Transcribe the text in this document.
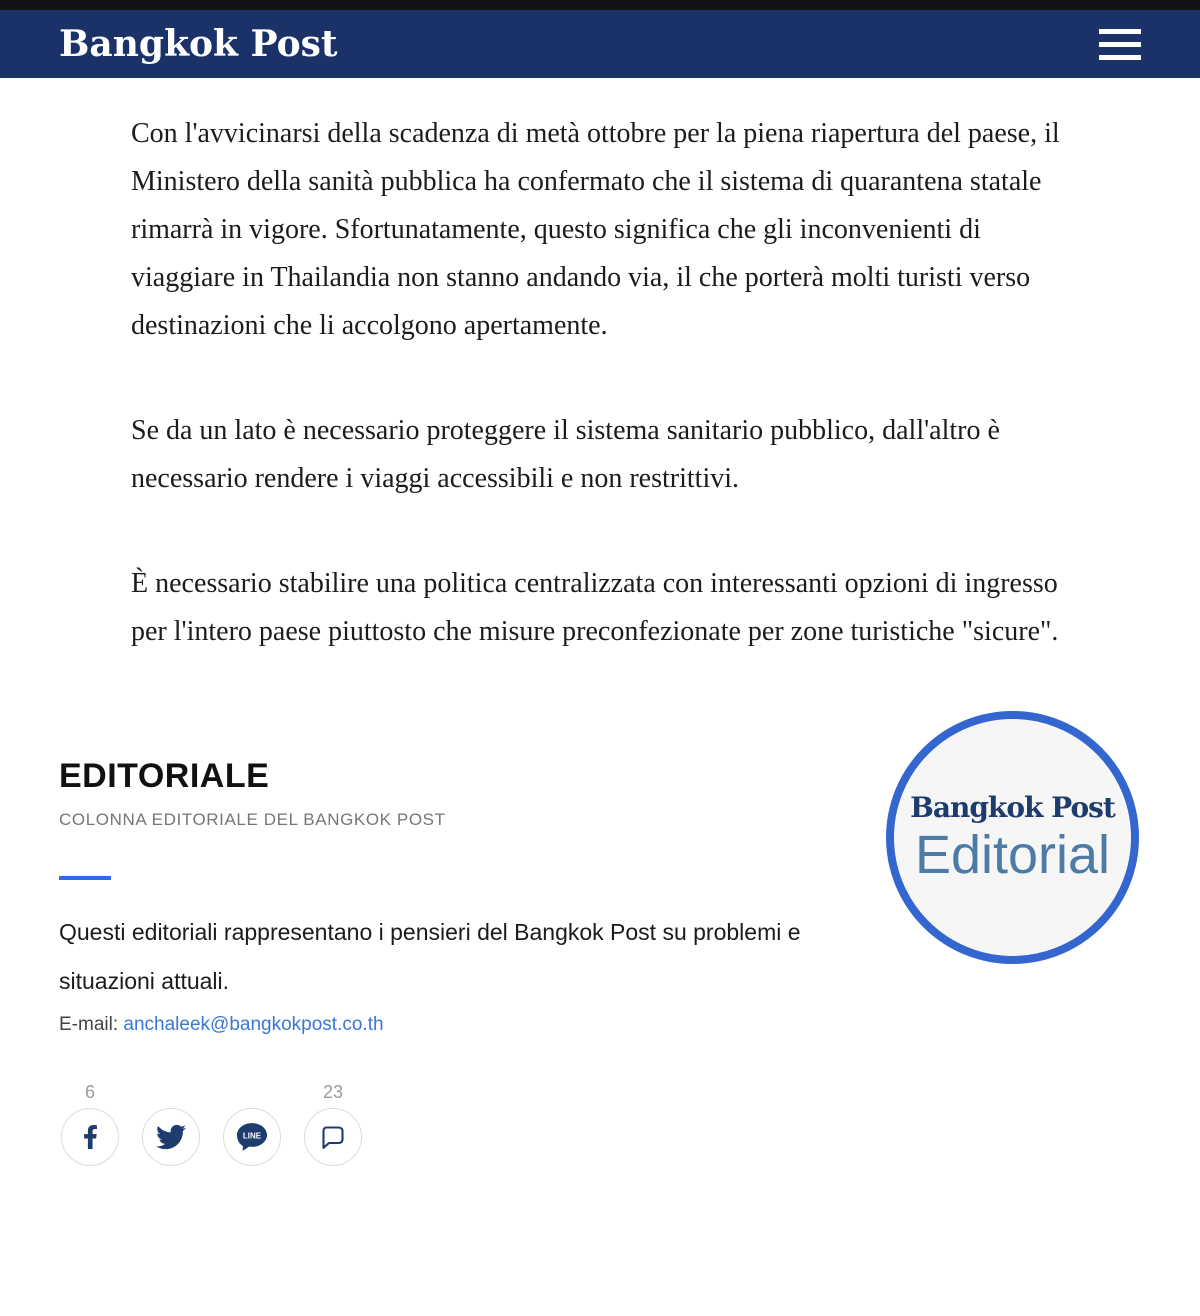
Bangkok Post

Con l'avvicinarsi della scadenza di metà ottobre per la piena riapertura del paese, il Ministero della sanità pubblica ha confermato che il sistema di quarantena statale rimarrà in vigore. Sfortunatamente, questo significa che gli inconvenienti di viaggiare in Thailandia non stanno andando via, il che porterà molti turisti verso destinazioni che li accolgono apertamente.

Se da un lato è necessario proteggere il sistema sanitario pubblico, dall'altro è necessario rendere i viaggi accessibili e non restrittivi.

È necessario stabilire una politica centralizzata con interessanti opzioni di ingresso per l'intero paese piuttosto che misure preconfezionate per zone turistiche "sicure".

EDITORIALE
COLONNA EDITORIALE DEL BANGKOK POST

Questi editoriali rappresentano i pensieri del Bangkok Post su problemi e situazioni attuali.

E-mail: anchaleek@bangkokpost.co.th
Bangkok Post
Editorial
6
LINE
23
